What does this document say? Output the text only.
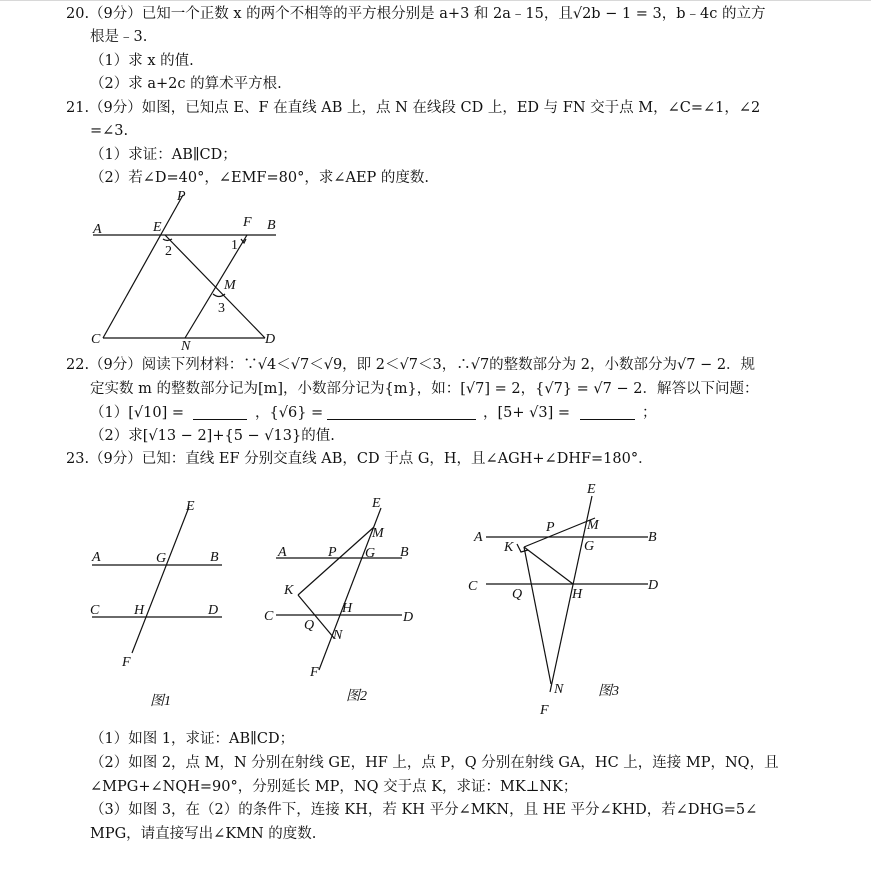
20.（9分）已知一个正数 x 的两个不相等的平方根分别是 a+3 和 2a﹣15，且√2b − 1 = 3，b﹣4c 的立方
根是﹣3.
（1）求 x 的值.
（2）求 a+2c 的算术平方根.
21.（9分）如图，已知点 E、F 在直线 AB 上，点 N 在线段 CD 上，ED 与 FN 交于点 M，∠C=∠1，∠2
=∠3.
（1）求证：AB∥CD；
（2）若∠D=40°，∠EMF=80°，求∠AEP 的度数.
P
A	E	F B
1
2
M
3
C	N	D
22.（9分）阅读下列材料：∵√4＜√7＜√9，即 2＜√7＜3，∴√7的整数部分为 2，小数部分为√7 − 2．规
定实数 m 的整数部分记为[m]，小数部分记为{m}，如：[√7] = 2，{√7} = √7 − 2．解答以下问题：
（1）[√10] =	，{√6} =	，[5+ √3] =	；
（2）求[√13 − 2]+{5 − √13}的值.
23.（9分）已知：直线 EF 分别交直线 AB，CD 于点 G，H，且∠AGH+∠DHF=180°．
E
A	G	B
C H	D
F
图1
E
M
A	P G B
K
H
C
Q
N
D
F
图2
E
A
P M
B
K	G
C	D
Q	H
N
F
图3
（1）如图 1，求证：AB∥CD；
（2）如图 2，点 M，N 分别在射线 GE，HF 上，点 P，Q 分别在射线 GA，HC 上，连接 MP，NQ，且
∠MPG+∠NQH=90°，分别延长 MP，NQ 交于点 K，求证：MK⊥NK；
（3）如图 3，在（2）的条件下，连接 KH，若 KH 平分∠MKN，且 HE 平分∠KHD，若∠DHG=5∠
MPG，请直接写出∠KMN 的度数.
